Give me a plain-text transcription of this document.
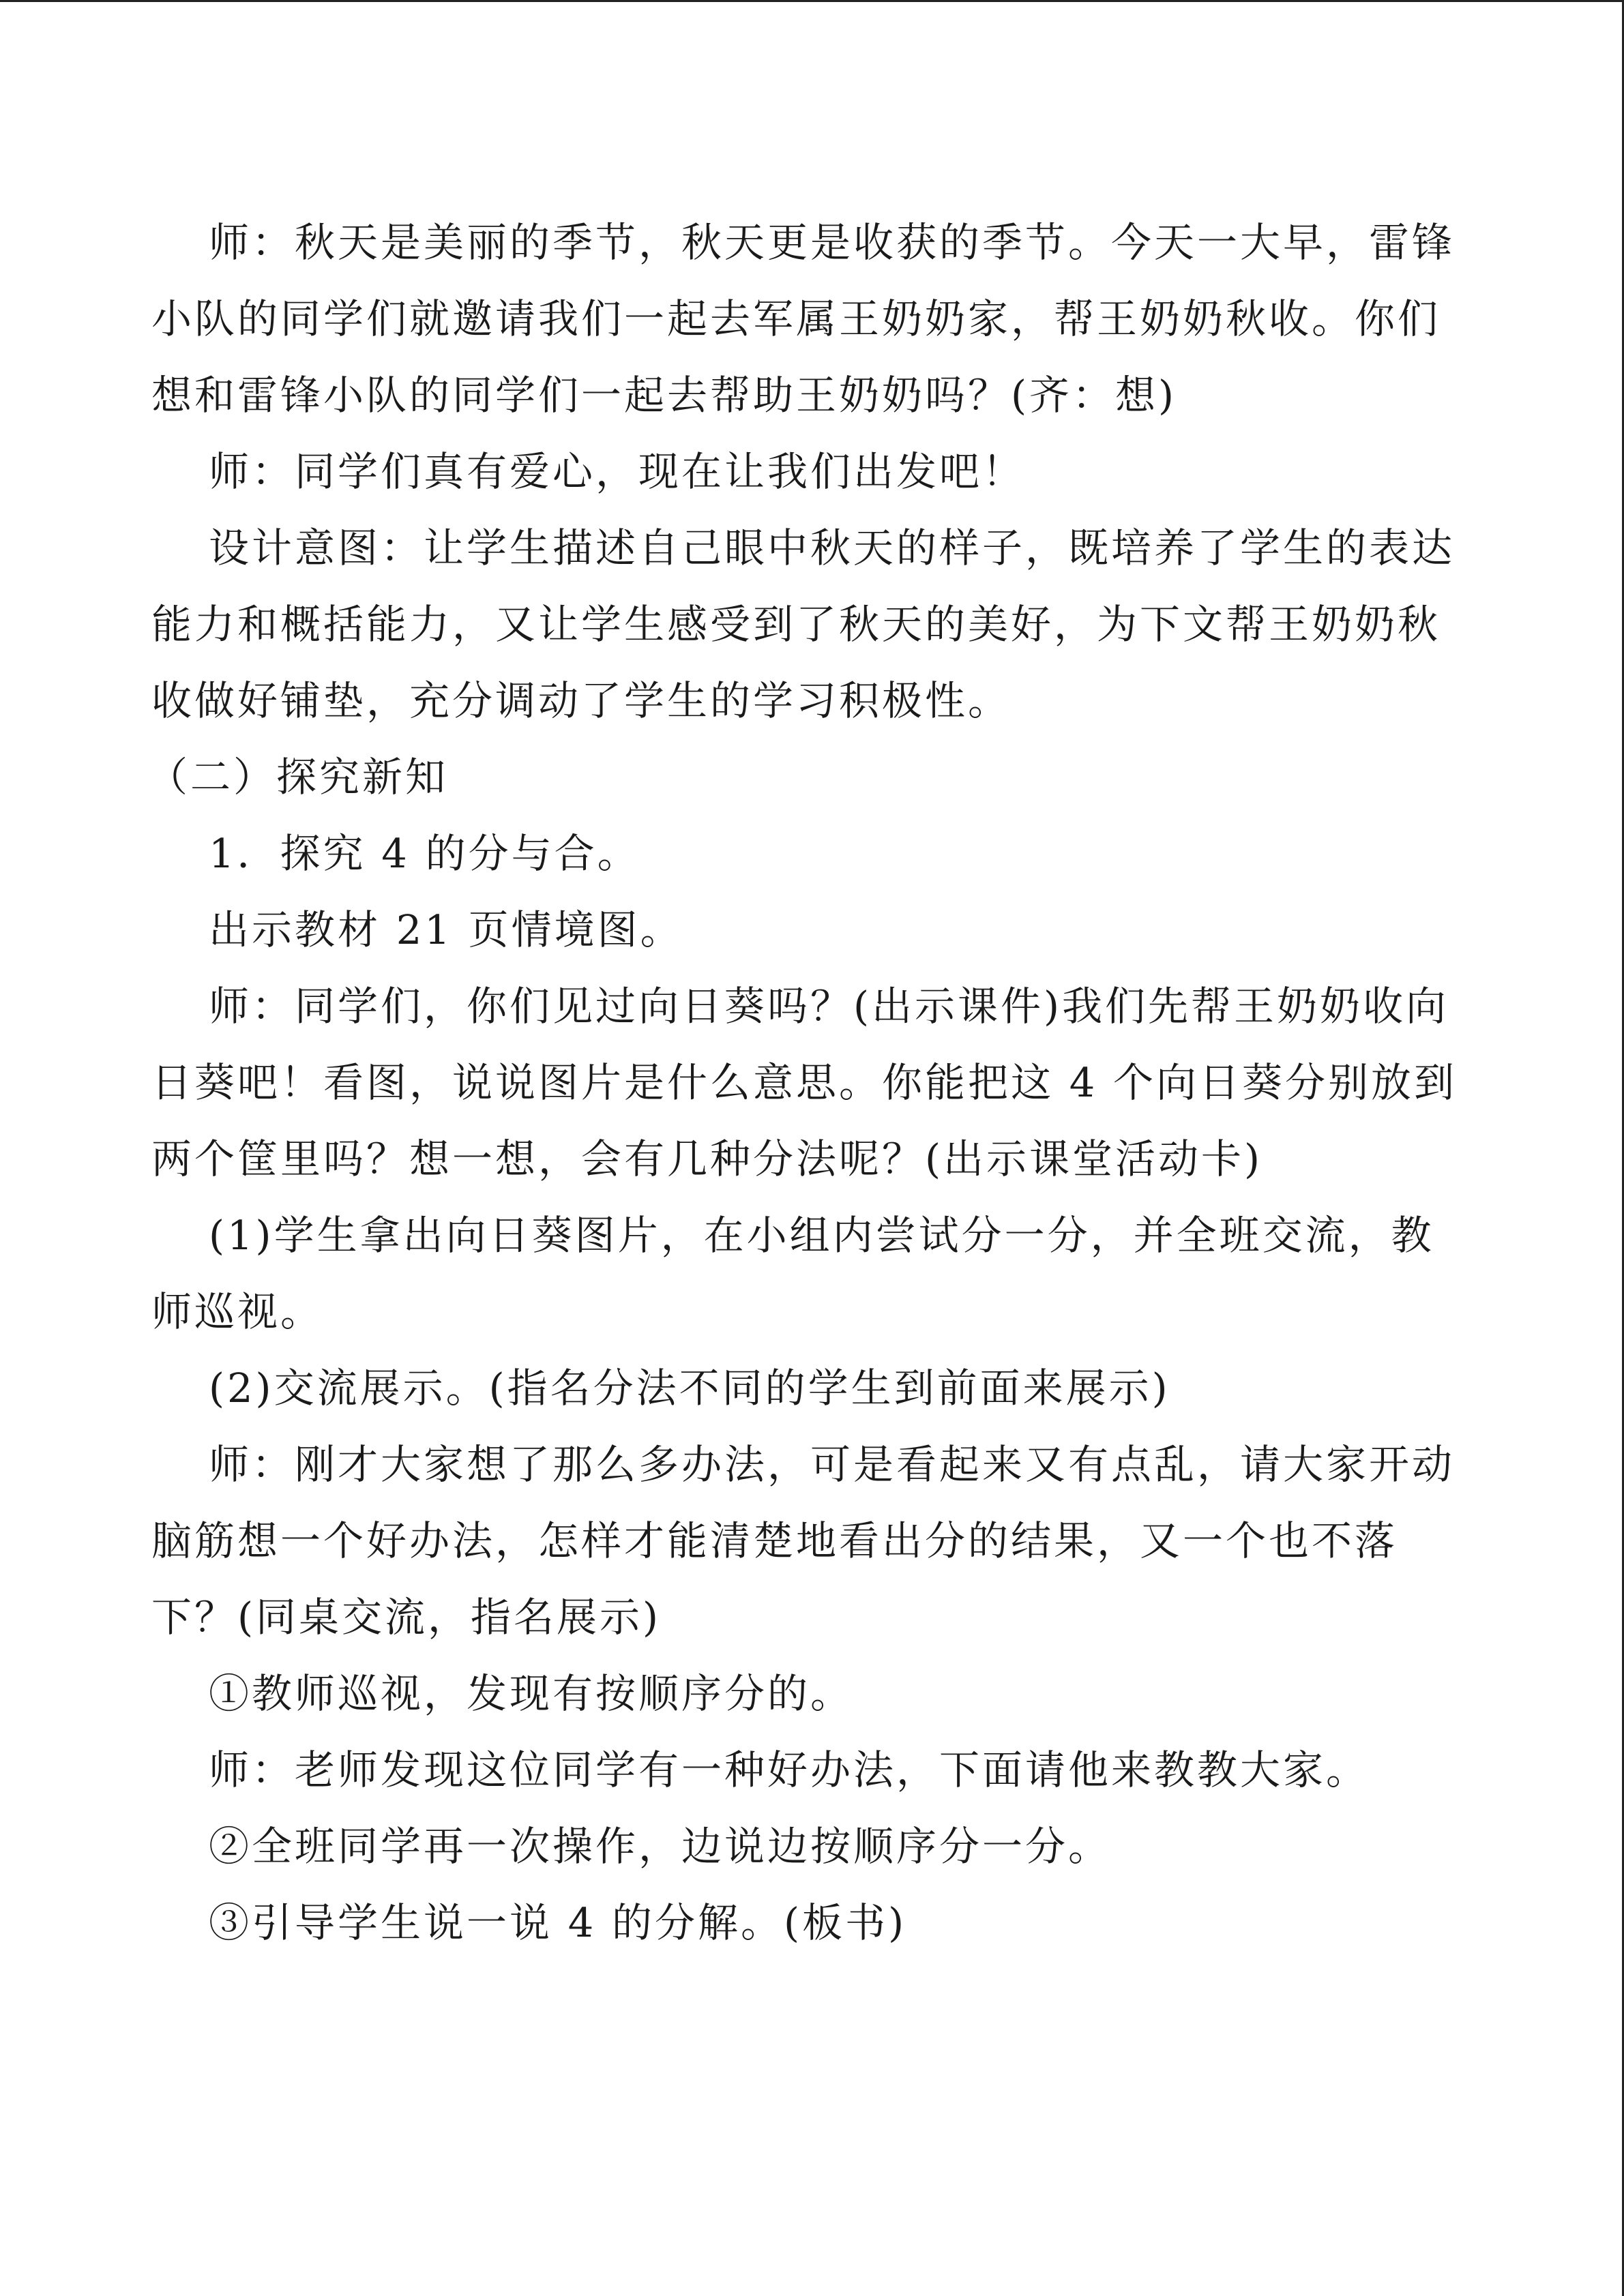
师：秋天是美丽的季节，秋天更是收获的季节。今天一大早，雷锋
小队的同学们就邀请我们一起去军属王奶奶家，帮王奶奶秋收。你们
想和雷锋小队的同学们一起去帮助王奶奶吗？(齐：想)
师：同学们真有爱心，现在让我们出发吧！
设计意图：让学生描述自己眼中秋天的样子，既培养了学生的表达
能力和概括能力，又让学生感受到了秋天的美好，为下文帮王奶奶秋
收做好铺垫，充分调动了学生的学习积极性。
（二）探究新知
1．探究 4 的分与合。
出示教材 21 页情境图。
师：同学们，你们见过向日葵吗？(出示课件)我们先帮王奶奶收向
日葵吧！看图，说说图片是什么意思。你能把这 4 个向日葵分别放到
两个筐里吗？想一想，会有几种分法呢？(出示课堂活动卡)
(1)学生拿出向日葵图片，在小组内尝试分一分，并全班交流，教
师巡视。
(2)交流展示。(指名分法不同的学生到前面来展示)
师：刚才大家想了那么多办法，可是看起来又有点乱，请大家开动
脑筋想一个好办法，怎样才能清楚地看出分的结果，又一个也不落
下？(同桌交流，指名展示)
①教师巡视，发现有按顺序分的。
师：老师发现这位同学有一种好办法，下面请他来教教大家。
②全班同学再一次操作，边说边按顺序分一分。
③引导学生说一说 4 的分解。(板书)
